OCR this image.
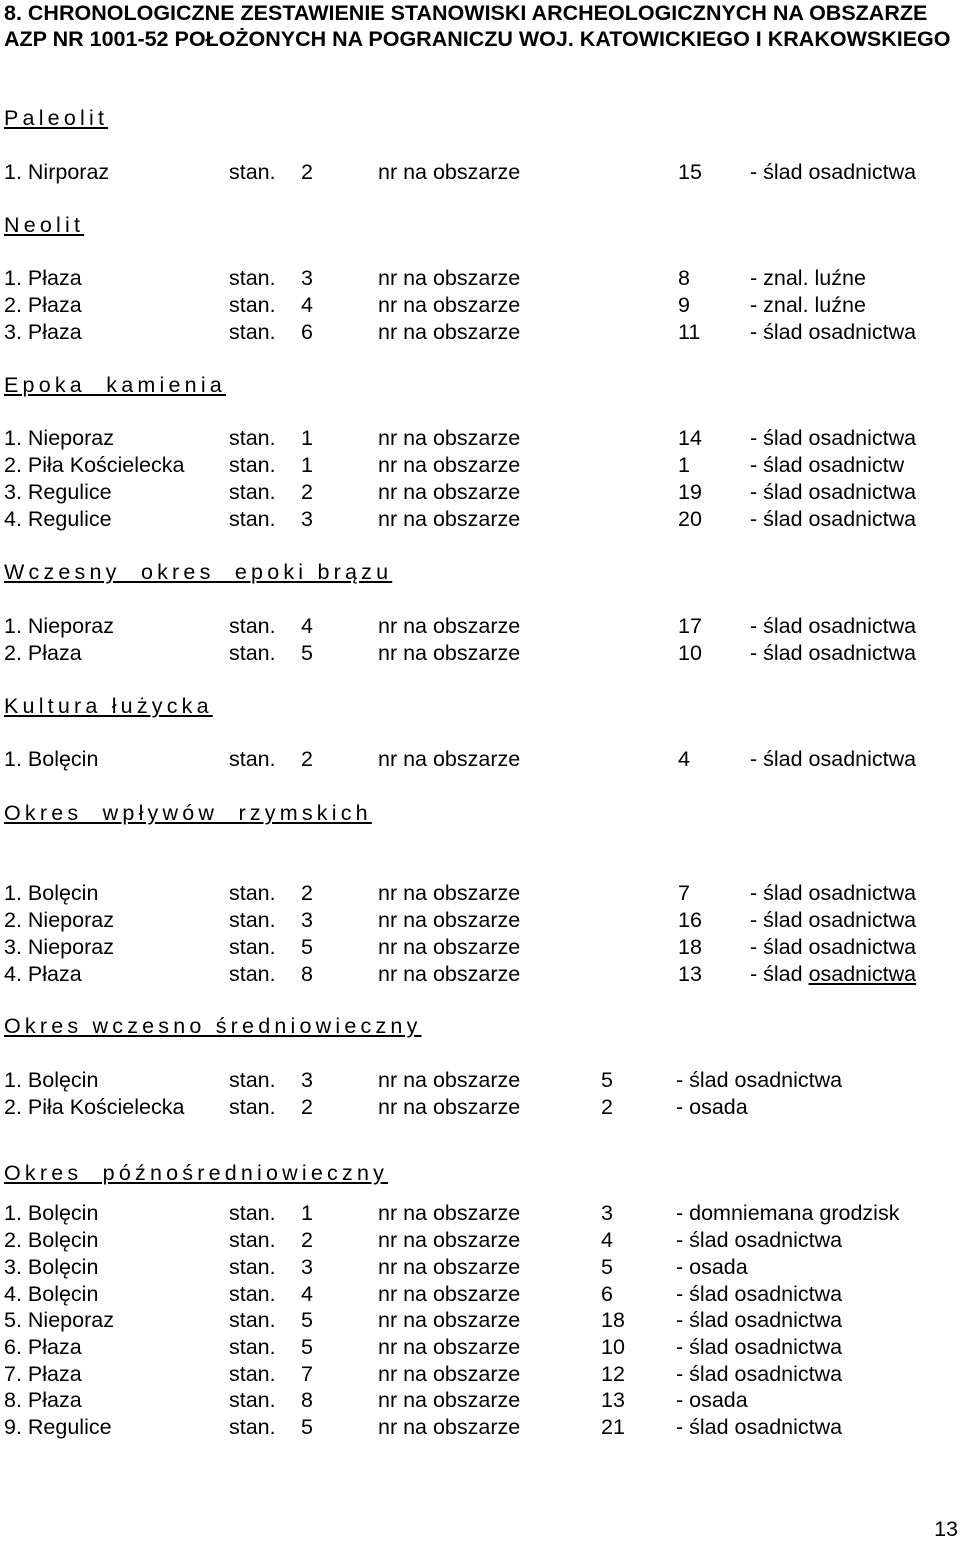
8. CHRONOLOGICZNE ZESTAWIENIE STANOWISKI ARCHEOLOGICZNYCH NA OBSZARZE AZP NR 1001-52 POŁOŻONYCH NA POGRANICZU WOJ. KATOWICKIEGO I KRAKOWSKIEGO
Paleolit
1. Nirporaz	stan. 2	nr na obszarze	15 - ślad osadnictwa
Neolit
1. Płaza	stan. 3	nr na obszarze	8	- znal. luźne
2. Płaza	stan. 4	nr na obszarze	9	- znal. luźne
3. Płaza	stan. 6	nr na obszarze	11 - ślad osadnictwa
Epoka  kamienia
1. Nieporaz	stan. 1	nr na obszarze	14 - ślad osadnictwa
2. Piła Kościelecka stan. 1	nr na obszarze	1	- ślad osadnictw
3. Regulice	stan. 2	nr na obszarze	19 - ślad osadnictwa
4. Regulice	stan. 3	nr na obszarze	20 - ślad osadnictwa
Wczesny  okres  epoki brązu
1. Nieporaz	stan. 4	nr na obszarze	17 - ślad osadnictwa
2. Płaza	stan. 5	nr na obszarze	10 - ślad osadnictwa
Kultura łużycka
1. Bolęcin	stan. 2	nr na obszarze	4	- ślad osadnictwa
Okres  wpływów  rzymskich
1. Bolęcin	stan. 2	nr na obszarze	7	- ślad osadnictwa
2. Nieporaz	stan. 3	nr na obszarze	16 - ślad osadnictwa
3. Nieporaz	stan. 5	nr na obszarze	18 - ślad osadnictwa
4. Płaza	stan. 8	nr na obszarze	13 - ślad osadnictwa
Okres wczesno średniowieczny
1. Bolęcin	stan. 3	nr na obszarze	5	- ślad osadnictwa
2. Piła Kościelecka stan. 2	nr na obszarze	2	- osada
Okres  późnośredniowieczny
1. Bolęcin	stan. 1	nr na obszarze	3	- domniemana grodzisk
2. Bolęcin	stan. 2	nr na obszarze	4	- ślad osadnictwa
3. Bolęcin	stan. 3	nr na obszarze	5	- osada
4. Bolęcin	stan. 4	nr na obszarze	6	- ślad osadnictwa
5. Nieporaz	stan. 5	nr na obszarze	18 - ślad osadnictwa
6. Płaza	stan. 5	nr na obszarze	10 - ślad osadnictwa
7. Płaza	stan. 7	nr na obszarze	12 - ślad osadnictwa
8. Płaza	stan. 8	nr na obszarze	13 - osada
9. Regulice	stan. 5	nr na obszarze	21 - ślad osadnictwa
13
